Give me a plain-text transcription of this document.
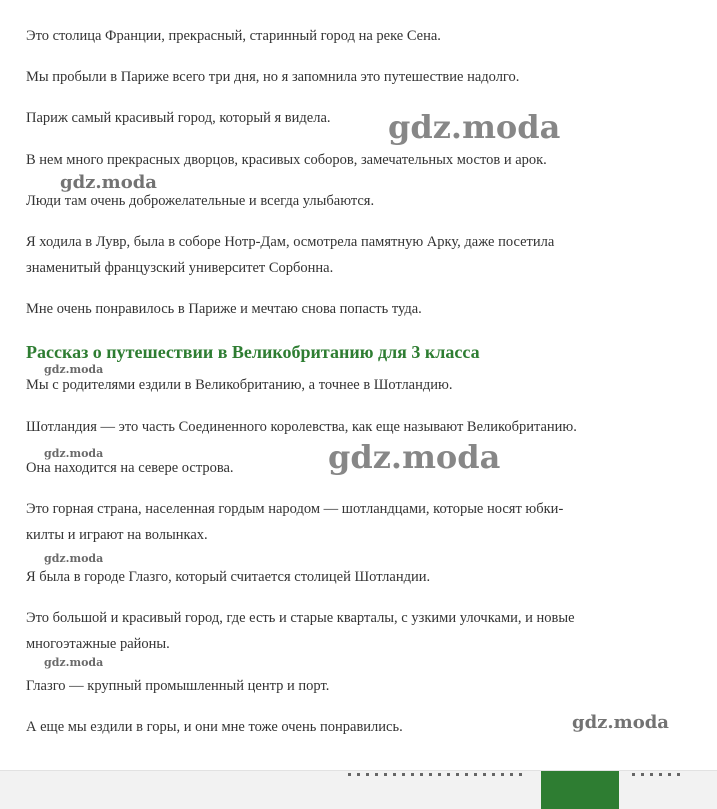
Это столица Франции, прекрасный, старинный город на реке Сена.

Мы пробыли в Париже всего три дня, но я запомнила это путешествие надолго.

Париж самый красивый город, который я видела.

В нем много прекрасных дворцов, красивых соборов, замечательных мостов и арок.

Люди там очень доброжелательные и всегда улыбаются.

Я ходила в Лувр, была в соборе Нотр-Дам, осмотрела памятную Арку, даже посетила

знаменитый французский университет Сорбонна.

Мне очень понравилось в Париже и мечтаю снова попасть туда.

Рассказ о путешествии в Великобританию для 3 класса

Мы с родителями ездили в Великобританию, а точнее в Шотландию.

Шотландия — это часть Соединенного королевства, как еще называют Великобританию.

Она находится на севере острова.

Это горная страна, населенная гордым народом — шотландцами, которые носят юбки-

килты и играют на волынках.

Я была в городе Глазго, который считается столицей Шотландии.

Это большой и красивый город, где есть и старые кварталы, с узкими улочками, и новые

многоэтажные районы.

Глазго — крупный промышленный центр и порт.

А еще мы ездили в горы, и они мне тоже очень понравились.

gdz.moda
gdz.moda
gdz.moda
gdz.moda	gdz.moda
gdz.moda
gdz.moda
gdz.moda
